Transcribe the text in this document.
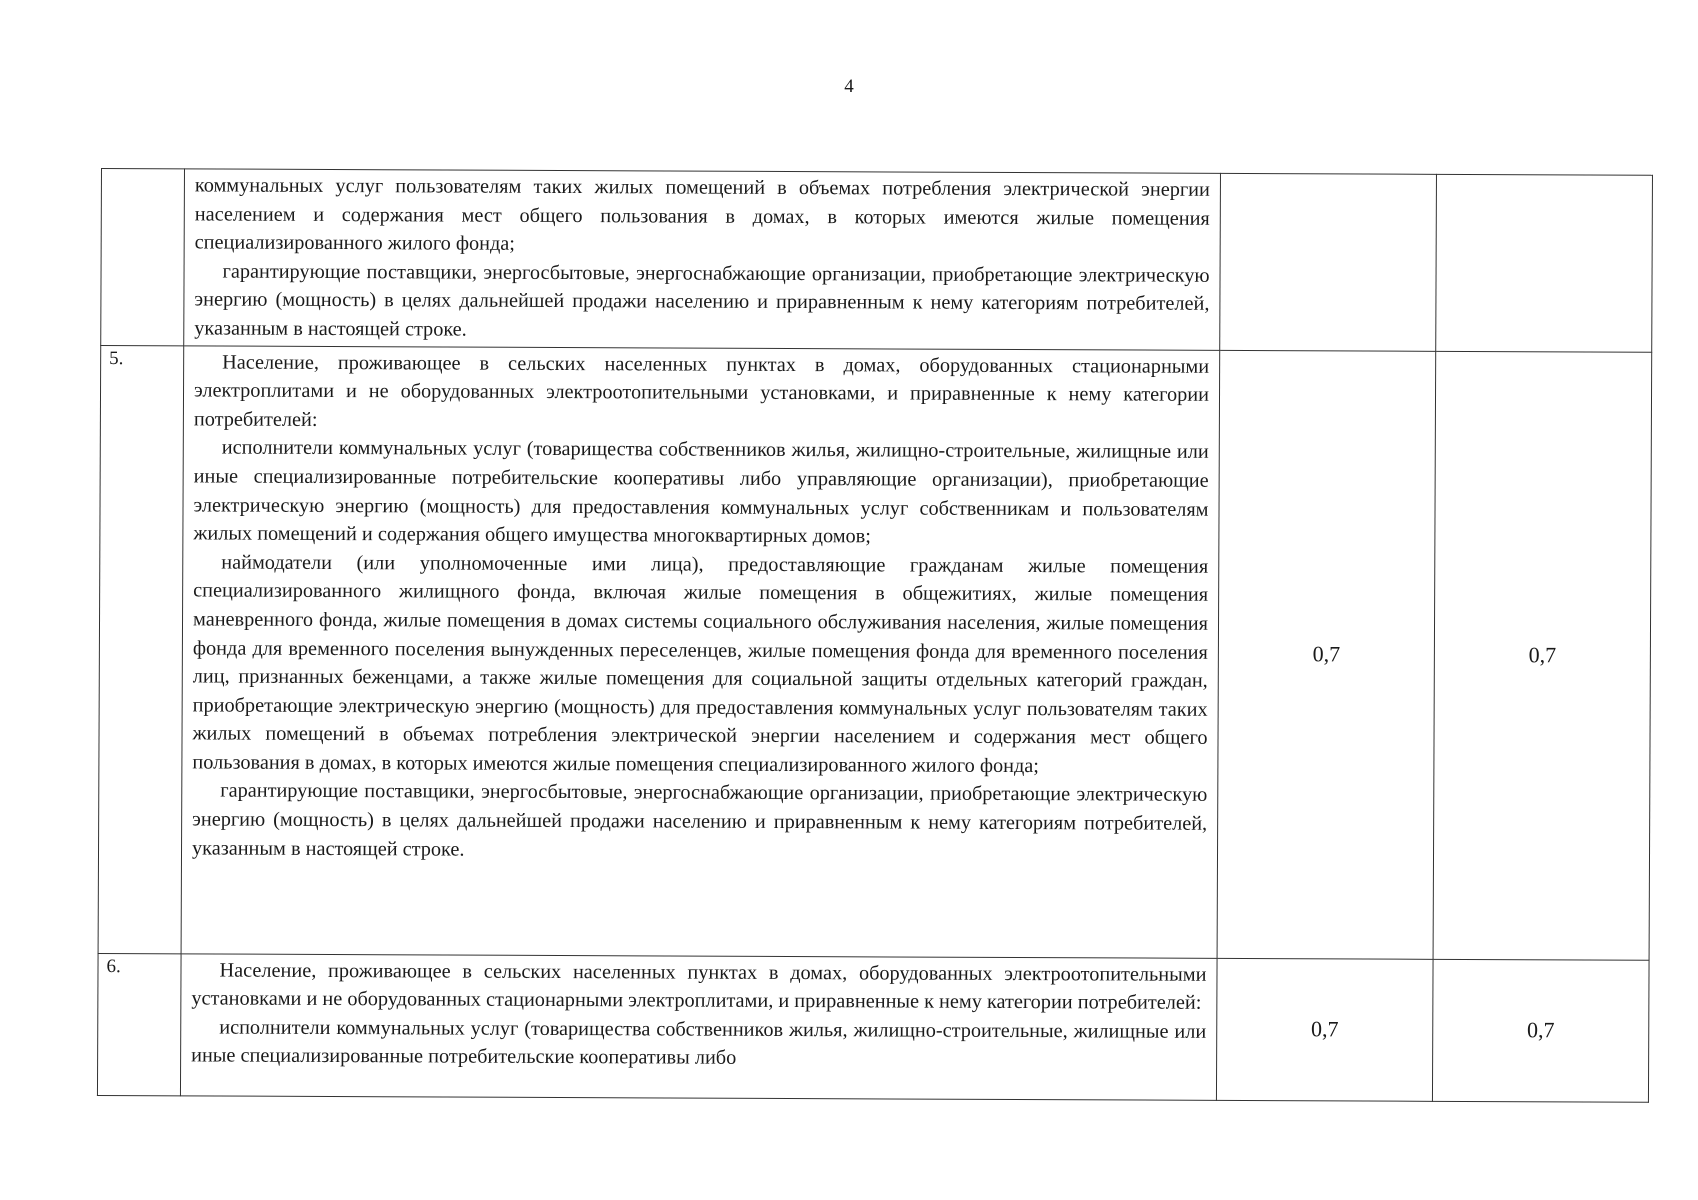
4

	коммунальных услуг пользователям таких жилых помещений в объемах потребления электрической энергии населением и содержания мест общего пользования в домах, в которых имеются жилые помещения специализированного жилого фонда;

гарантирующие поставщики, энергосбытовые, энергоснабжающие организации, приобретающие электрическую энергию (мощность) в целях дальнейшей продажи населению и приравненным к нему категориям потребителей, указанным в настоящей строке.		

5.	Население, проживающее в сельских населенных пунктах в домах, оборудованных стационарными электроплитами и не оборудованных электроотопительными установками, и приравненные к нему категории потребителей:

исполнители коммунальных услуг (товарищества собственников жилья, жилищно-строительные, жилищные или иные специализированные потребительские кооперативы либо управляющие организации), приобретающие электрическую энергию (мощность) для предоставления коммунальных услуг собственникам и пользователям жилых помещений и содержания общего имущества многоквартирных домов;

наймодатели (или уполномоченные ими лица), предоставляющие гражданам жилые помещения специализированного жилищного фонда, включая жилые помещения в общежитиях, жилые помещения маневренного фонда, жилые помещения в домах системы социального обслуживания населения, жилые помещения фонда для временного поселения вынужденных переселенцев, жилые помещения фонда для временного поселения лиц, признанных беженцами, а также жилые помещения для социальной защиты отдельных категорий граждан, приобретающие электрическую энергию (мощность) для предоставления коммунальных услуг пользователям таких жилых помещений в объемах потребления электрической энергии населением и содержания мест общего пользования в домах, в которых имеются жилые помещения специализированного жилого фонда;

гарантирующие поставщики, энергосбытовые, энергоснабжающие организации, приобретающие электрическую энергию (мощность) в целях дальнейшей продажи населению и приравненным к нему категориям потребителей, указанным в настоящей строке.	0,7	0,7
6.	Население, проживающее в сельских населенных пунктах в домах, оборудованных электроотопительными установками и не оборудованных стационарными электроплитами, и приравненные к нему категории потребителей:

исполнители коммунальных услуг (товарищества собственников жилья, жилищно-строительные, жилищные или иные специализированные потребительские кооперативы либо	0,7	0,7
